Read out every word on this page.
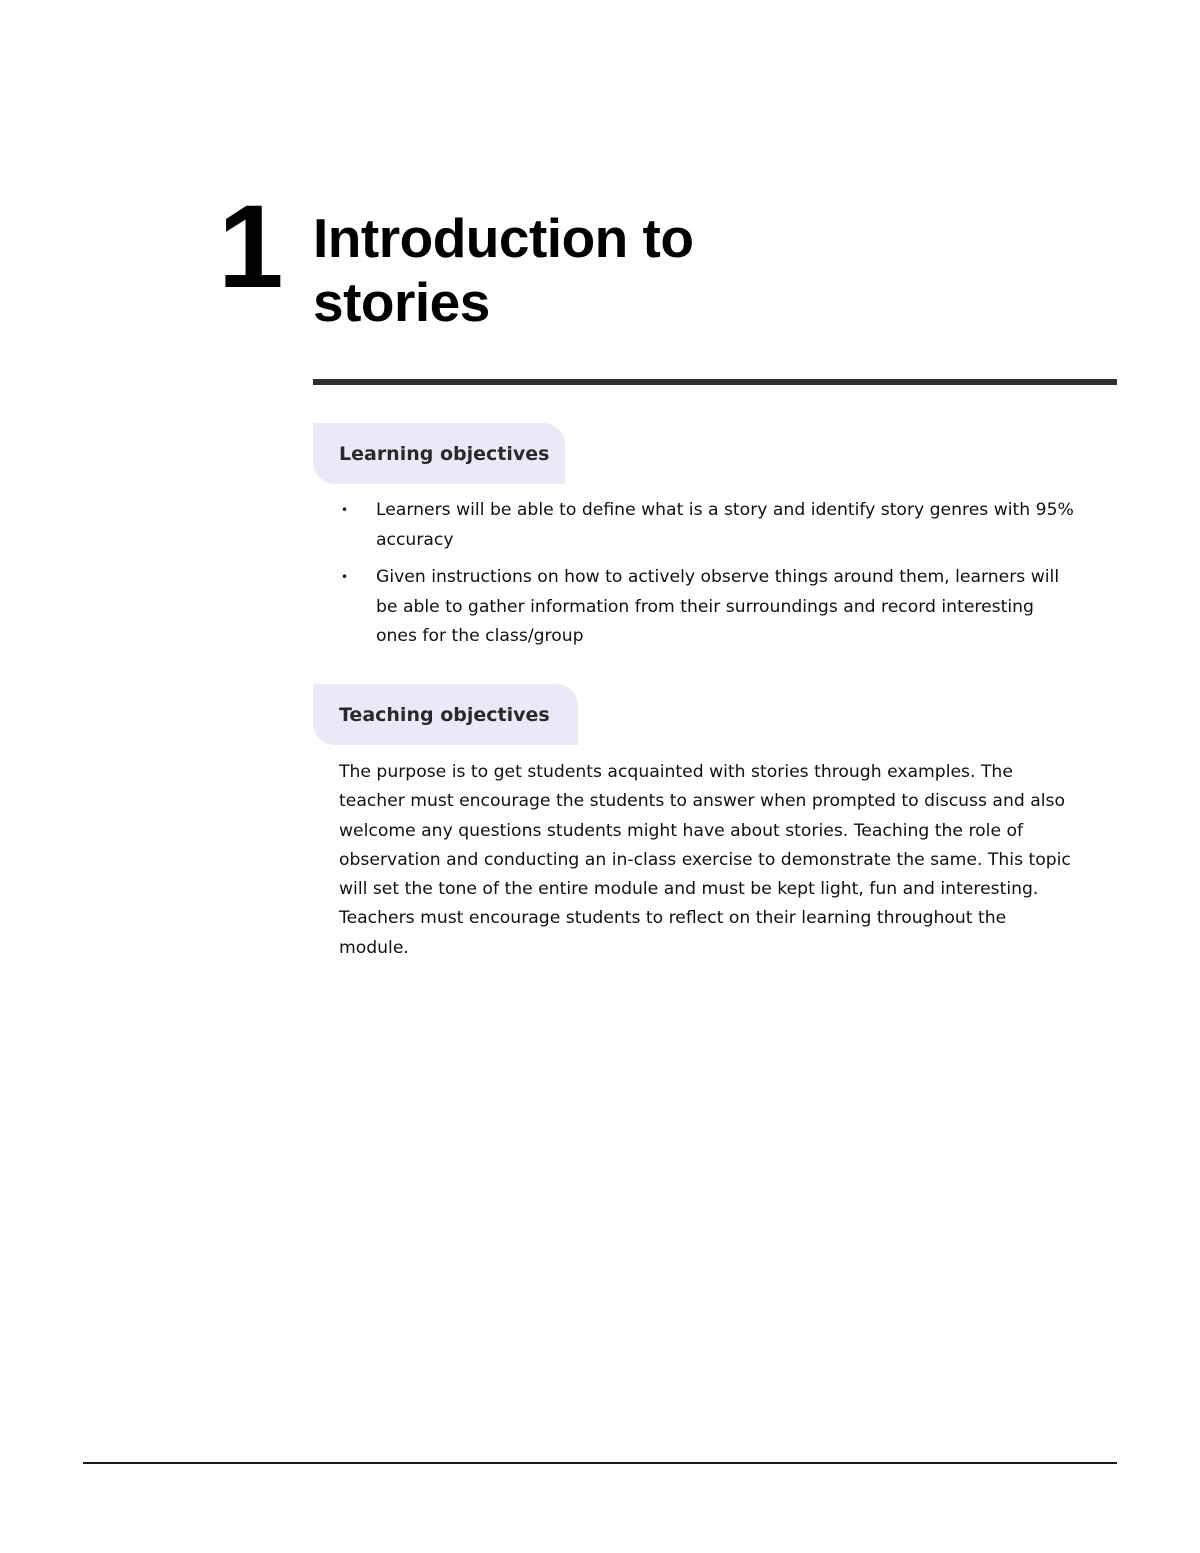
1 Introduction to
stories
Learning objectives
• Learners will be able to define what is a story and identify story genres with 95% accuracy
• Given instructions on how to actively observe things around them, learners will be able to gather information from their surroundings and record interesting ones for the class/group
Teaching objectives

The purpose is to get students acquainted with stories through examples. The teacher must encourage the students to answer when prompted to discuss and also welcome any questions students might have about stories. Teaching the role of observation and conducting an in-class exercise to demonstrate the same. This topic will set the tone of the entire module and must be kept light, fun and interesting. Teachers must encourage students to reflect on their learning throughout the module.
